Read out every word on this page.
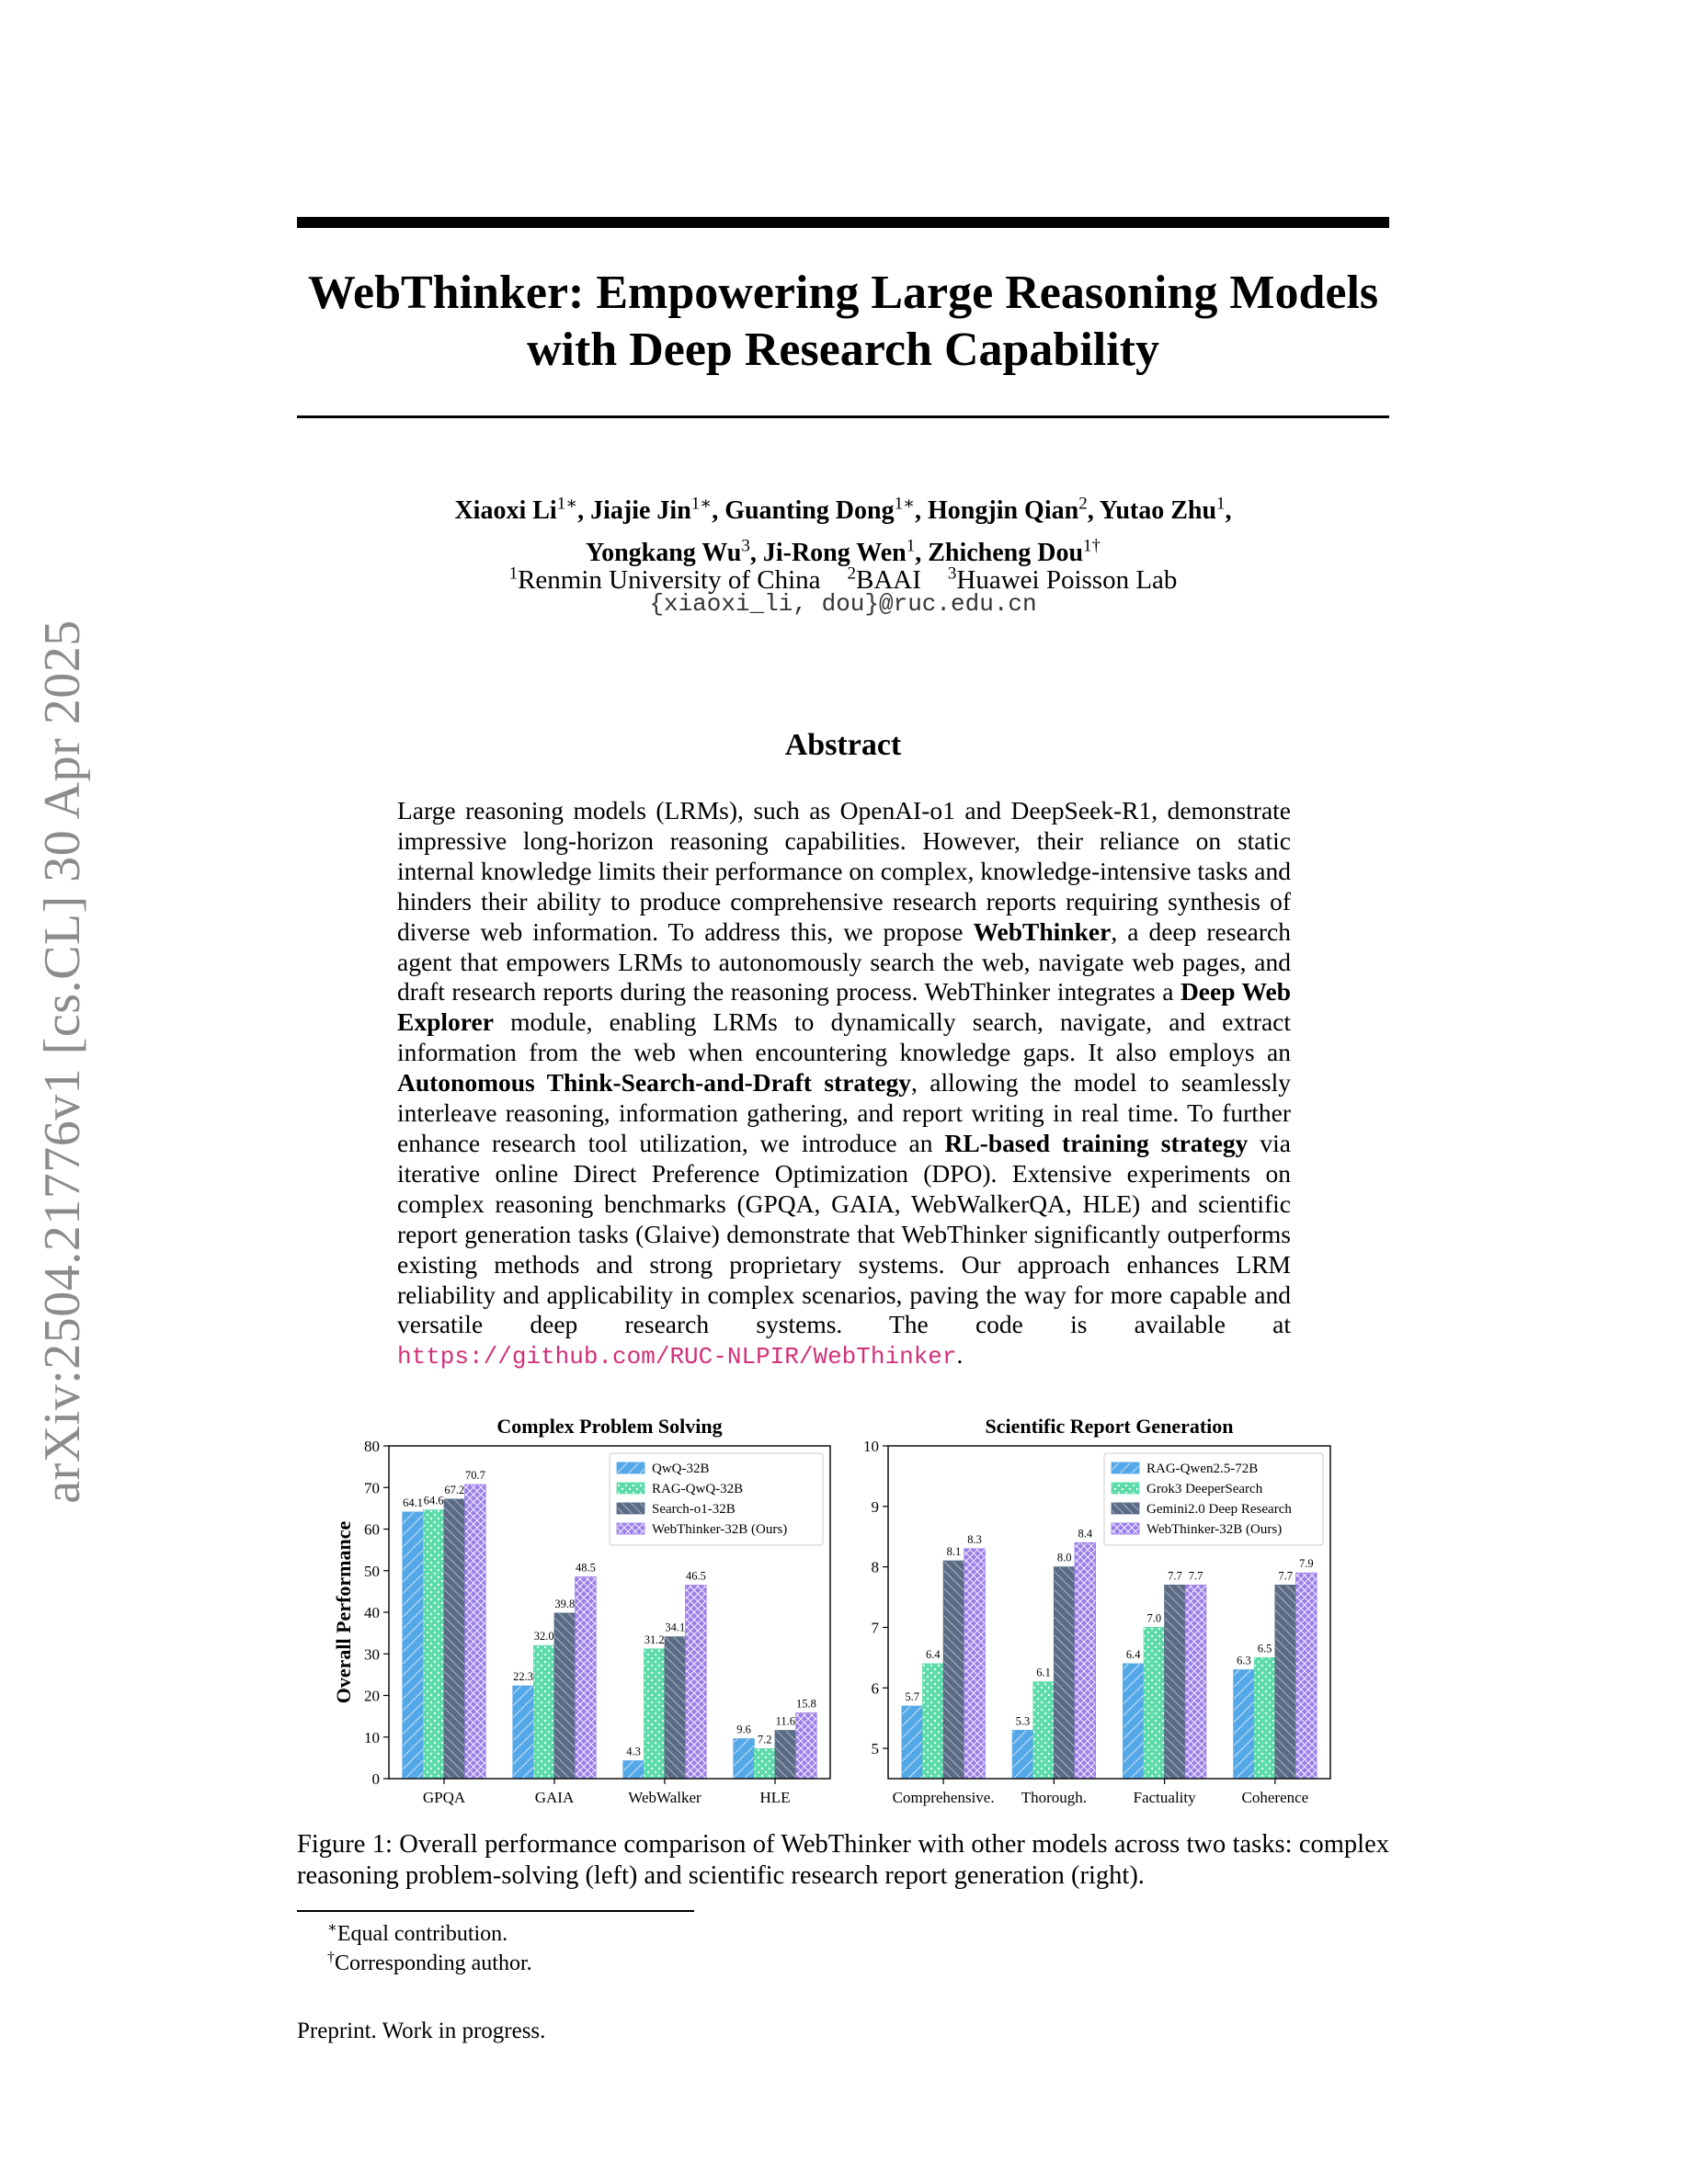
arXiv:2504.21776v1 [cs.CL] 30 Apr 2025
WebThinker: Empowering Large Reasoning Models
with Deep Research Capability
Xiaoxi $Li^{1∗}$, Jiajie Jin$^{1∗}$, Guanting Dong$^{1∗}$, Hongjin Qian$^2$, Yutao Zhu$^1$,
Yongkang Wu$^3$, Ji-Rong Wen$^1$, Zhicheng Dou$^{1\dagger}$
$^1$Renmin University of China $^2$BAAI $^3$Huawei Poisson Lab
{xiaoxi_li, dou}@ruc.edu.cn
Abstract
Large reasoning models (LRMs), such as OpenAI-o1 and DeepSeek-R1, demonstrate impressive long-horizon reasoning capabilities. However, their reliance on static internal knowledge limits their performance on complex, knowledge-intensive tasks and hinders their ability to produce comprehensive research reports requiring synthesis of diverse web information. To address this, we propose WebThinker, a deep research agent that empowers LRMs to autonomously search the web, navigate web pages, and draft research reports during the reasoning process. WebThinker integrates a Deep Web Explorer module, enabling LRMs to dynamically search, navigate, and extract information from the web when encountering knowledge gaps. It also employs an Autonomous Think-Search-and-Draft strategy, allowing the model to seamlessly interleave reasoning, information gathering, and report writing in real time. To further enhance research tool utilization, we introduce an RL-based training strategy via iterative online Direct Preference Optimization (DPO). Extensive experiments on complex reasoning benchmarks (GPQA, GAIA, WebWalkerQA, HLE) and scientific report generation tasks (Glaive) demonstrate that WebThinker significantly outperforms existing methods and strong proprietary systems. Our approach enhances LRM reliability and applicability in complex scenarios, paving the way for more capable and versatile deep research systems. The code is available at https://github.com/RUC-NLPIR/WebThinker.
Complex Problem Solving
0
10
20
30
40
50
60
70
80
Overall Performance
64.1 64.6
67.2
70.7
GPQA
22.3
32.0
39.8
48.5
GAIA
4.3
31.2
34.1
46.5
WebWalker
9.6
7.2
11.6
15.8
HLE
QwQ-32B
RAG-QwQ-32B
Search-o1-32B
WebThinker-32B (Ours)
Scientific Report Generation
5
6
7
8
9
10
5.7
6.4
8.1
8.3
Comprehensive.
5.3
6.1
8.0
8.4
Thorough.
6.4
7.0
7.7 7.7
Factuality
6.3
6.5
7.7
7.9
Coherence
RAG-Qwen2.5-72B
Grok3 DeeperSearch
Gemini2.0 Deep Research
WebThinker-32B (Ours)
Figure 1: Overall performance comparison of WebThinker with other models across two tasks: complex reasoning problem-solving (left) and scientific research report generation (right).
∗Equal contribution.
†Corresponding author.
Preprint. Work in progress.
